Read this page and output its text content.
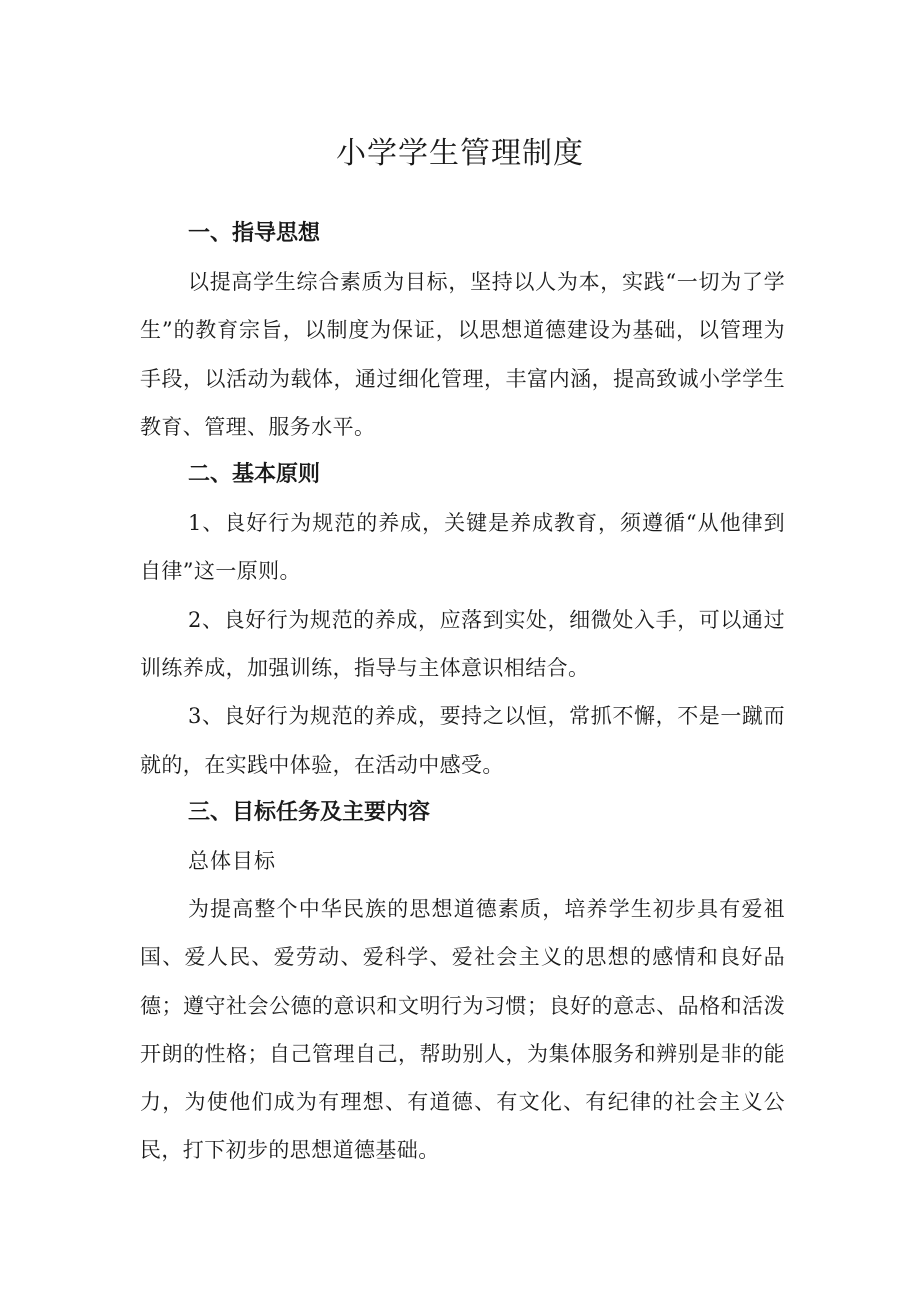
小学学生管理制度
一、指导思想

以提高学生综合素质为目标，坚持以人为本，实践“一切为了学生”的教育宗旨，以制度为保证，以思想道德建设为基础，以管理为手段，以活动为载体，通过细化管理，丰富内涵，提高致诚小学学生教育、管理、服务水平。

二、基本原则

1、良好行为规范的养成，关键是养成教育，须遵循“从他律到自律”这一原则。

2、良好行为规范的养成，应落到实处，细微处入手，可以通过训练养成，加强训练，指导与主体意识相结合。

3、良好行为规范的养成，要持之以恒，常抓不懈，不是一蹴而就的，在实践中体验，在活动中感受。

三、目标任务及主要内容

总体目标

为提高整个中华民族的思想道德素质，培养学生初步具有爱祖国、爱人民、爱劳动、爱科学、爱社会主义的思想的感情和良好品德；遵守社会公德的意识和文明行为习惯；良好的意志、品格和活泼开朗的性格；自己管理自己，帮助别人，为集体服务和辨别是非的能力，为使他们成为有理想、有道德、有文化、有纪律的社会主义公民，打下初步的思想道德基础。
